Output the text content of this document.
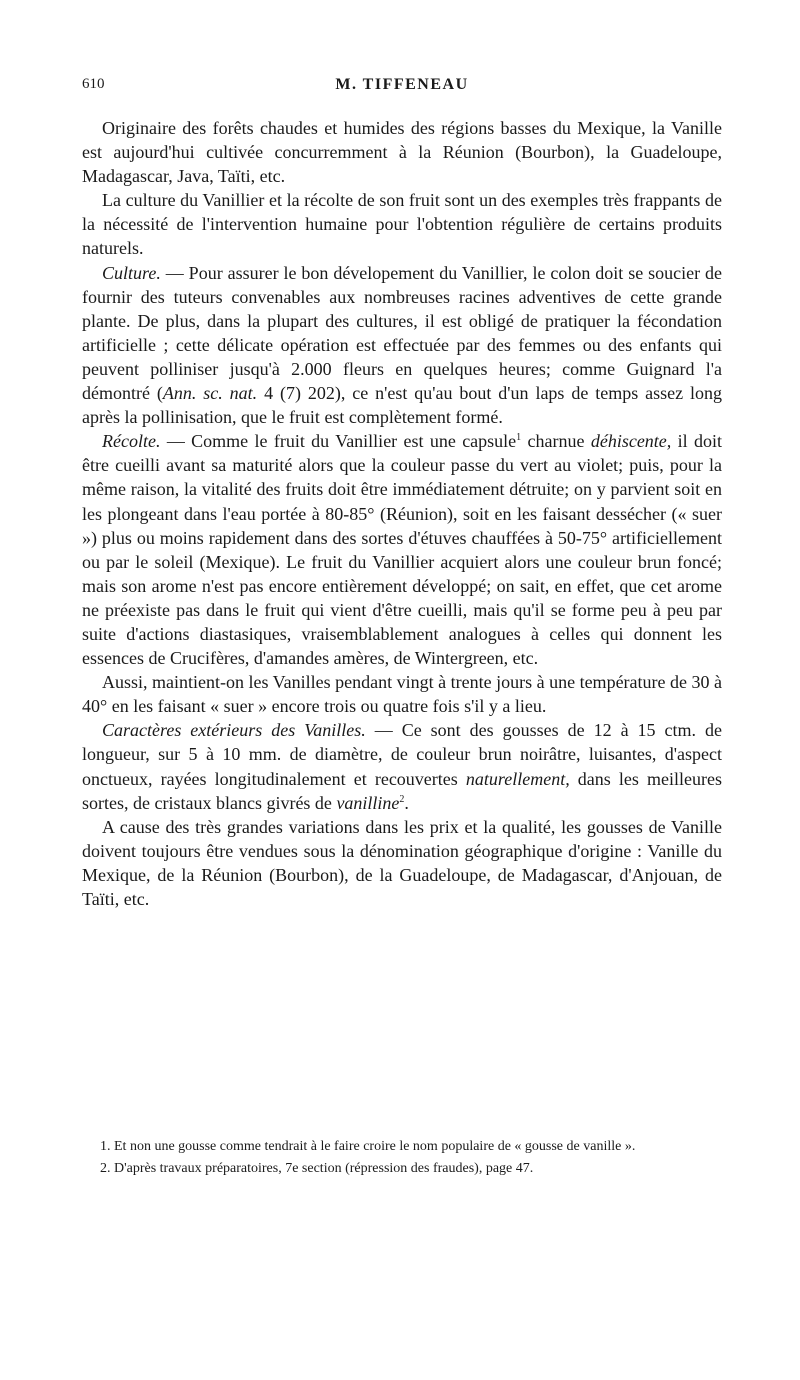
610	M. TIFFENEAU

Originaire des forêts chaudes et humides des régions basses du Mexique, la Vanille est aujourd'hui cultivée concurremment à la Réunion (Bourbon), la Guadeloupe, Madagascar, Java, Taïti, etc.

La culture du Vanillier et la récolte de son fruit sont un des exemples très frappants de la nécessité de l'intervention humaine pour l'obtention régulière de certains produits naturels.

Culture. — Pour assurer le bon dévelopement du Vanillier, le colon doit se soucier de fournir des tuteurs convenables aux nombreuses racines adventives de cette grande plante. De plus, dans la plupart des cultures, il est obligé de pratiquer la fécondation artificielle ; cette délicate opération est effectuée par des femmes ou des enfants qui peuvent polliniser jusqu'à 2.000 fleurs en quelques heures; comme Guignard l'a démontré (Ann. sc. nat. 4 (7) 202), ce n'est qu'au bout d'un laps de temps assez long après la pollinisation, que le fruit est complètement formé.

Récolte. — Comme le fruit du Vanillier est une capsule$^1$ charnue déhiscente, il doit être cueilli avant sa maturité alors que la couleur passe du vert au violet; puis, pour la même raison, la vitalité des fruits doit être immédiatement détruite; on y parvient soit en les plongeant dans l'eau portée à 80-85° (Réunion), soit en les faisant dessécher (« suer ») plus ou moins rapidement dans des sortes d'étuves chauffées à 50-75° artificiellement ou par le soleil (Mexique). Le fruit du Vanillier acquiert alors une couleur brun foncé; mais son arome n'est pas encore entièrement développé; on sait, en effet, que cet arome ne préexiste pas dans le fruit qui vient d'être cueilli, mais qu'il se forme peu à peu par suite d'actions diastasiques, vraisemblablement analogues à celles qui donnent les essences de Crucifères, d'amandes amères, de Wintergreen, etc.

Aussi, maintient-on les Vanilles pendant vingt à trente jours à une température de 30 à 40° en les faisant « suer » encore trois ou quatre fois s'il y a lieu.

Caractères extérieurs des Vanilles. — Ce sont des gousses de 12 à 15 ctm. de longueur, sur 5 à 10 mm. de diamètre, de couleur brun noirâtre, luisantes, d'aspect onctueux, rayées longitudinalement et recouvertes naturellement, dans les meilleures sortes, de cristaux blancs givrés de vanilline$^2$.

A cause des très grandes variations dans les prix et la qualité, les gousses de Vanille doivent toujours être vendues sous la dénomination géographique d'origine : Vanille du Mexique, de la Réunion (Bourbon), de la Guadeloupe, de Madagascar, d'Anjouan, de Taïti, etc.

1. Et non une gousse comme tendrait à le faire croire le nom populaire de « gousse de vanille ».

2. D'après travaux préparatoires, 7e section (répression des fraudes), page 47.
